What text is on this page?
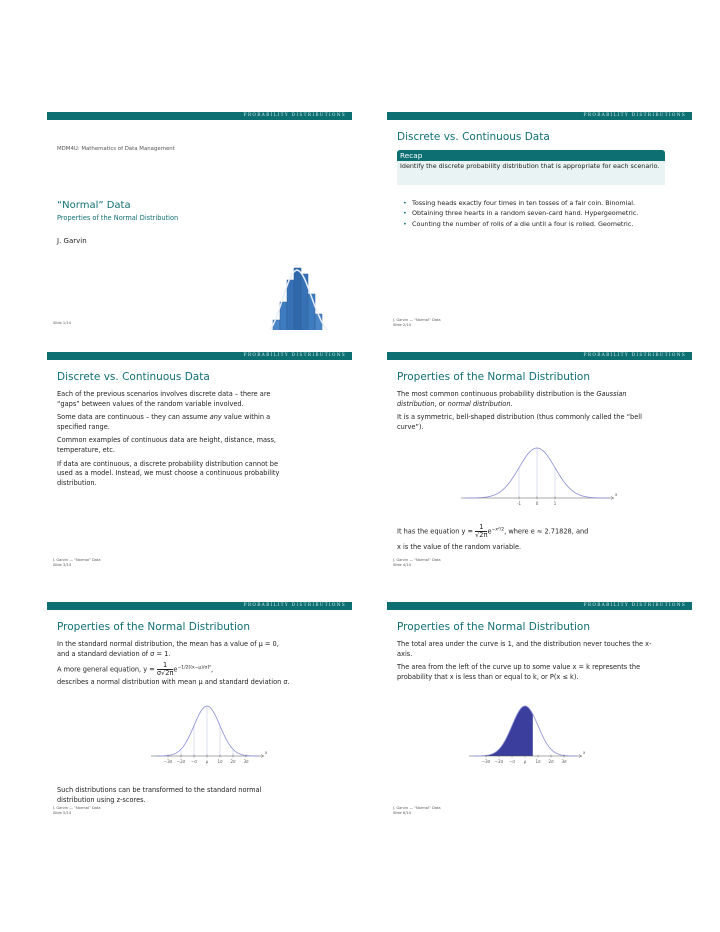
PROBABILITY DISTRIBUTIONS
MDM4U: Mathematics of Data Management
“Normal” Data
Properties of the Normal Distribution
J. Garvin
Slide 1/14
PROBABILITY DISTRIBUTIONS
Discrete vs. Continuous Data
Recap
Identify the discrete probability distribution that is appropriate for each scenario.
• Tossing heads exactly four times in ten tosses of a fair coin. Binomial.
• Obtaining three hearts in a random seven-card hand. Hypergeometric.
• Counting the number of rolls of a die until a four is rolled. Geometric.
J. Garvin — “Normal” Data
Slide 2/14
PROBABILITY DISTRIBUTIONS
Discrete vs. Continuous Data

Each of the previous scenarios involves discrete data – there are “gaps” between values of the random variable involved.

Some data are continuous – they can assume any value within a specified range.

Common examples of continuous data are height, distance, mass, temperature, etc.

If data are continuous, a discrete probability distribution cannot be used as a model. Instead, we must choose a continuous probability distribution.

J. Garvin — “Normal” Data
Slide 3/14
PROBABILITY DISTRIBUTIONS
Properties of the Normal Distribution

The most common continuous probability distribution is the Gaussian distribution, or normal distribution.

It is a symmetric, bell-shaped distribution (thus commonly called the “bell curve”).

x
-1	0	1
It has the equation $y = \frac{1}{√2\pi} e^{-x^2/2}$, where e ≈ 2.71828, and
x is the value of the random variable.
J. Garvin — “Normal” Data
Slide 4/14
PROBABILITY DISTRIBUTIONS
Properties of the Normal Distribution
In the standard normal distribution, the mean has a value of μ = 0, and a standard deviation of σ = 1.
A more general equation, $y = \frac{1}{\sigma√2\pi} e^{-1/2[(x-\mu)/\sigma]^2}$,
describes a normal distribution with mean μ and standard deviation σ.
x
−3σ −2σ −σ μ 1σ 2σ 3σ
Such distributions can be transformed to the standard normal distribution using z-scores.
J. Garvin — “Normal” Data
Slide 5/14
PROBABILITY DISTRIBUTIONS
Properties of the Normal Distribution

The total area under the curve is 1, and the distribution never touches the x-axis.

The area from the left of the curve up to some value x = k represents the probability that x is less than or equal to k, or P(x ≤ k).

x
−3σ −2σ −σ μ 1σ 2σ 3σ
J. Garvin — “Normal” Data
Slide 6/14
